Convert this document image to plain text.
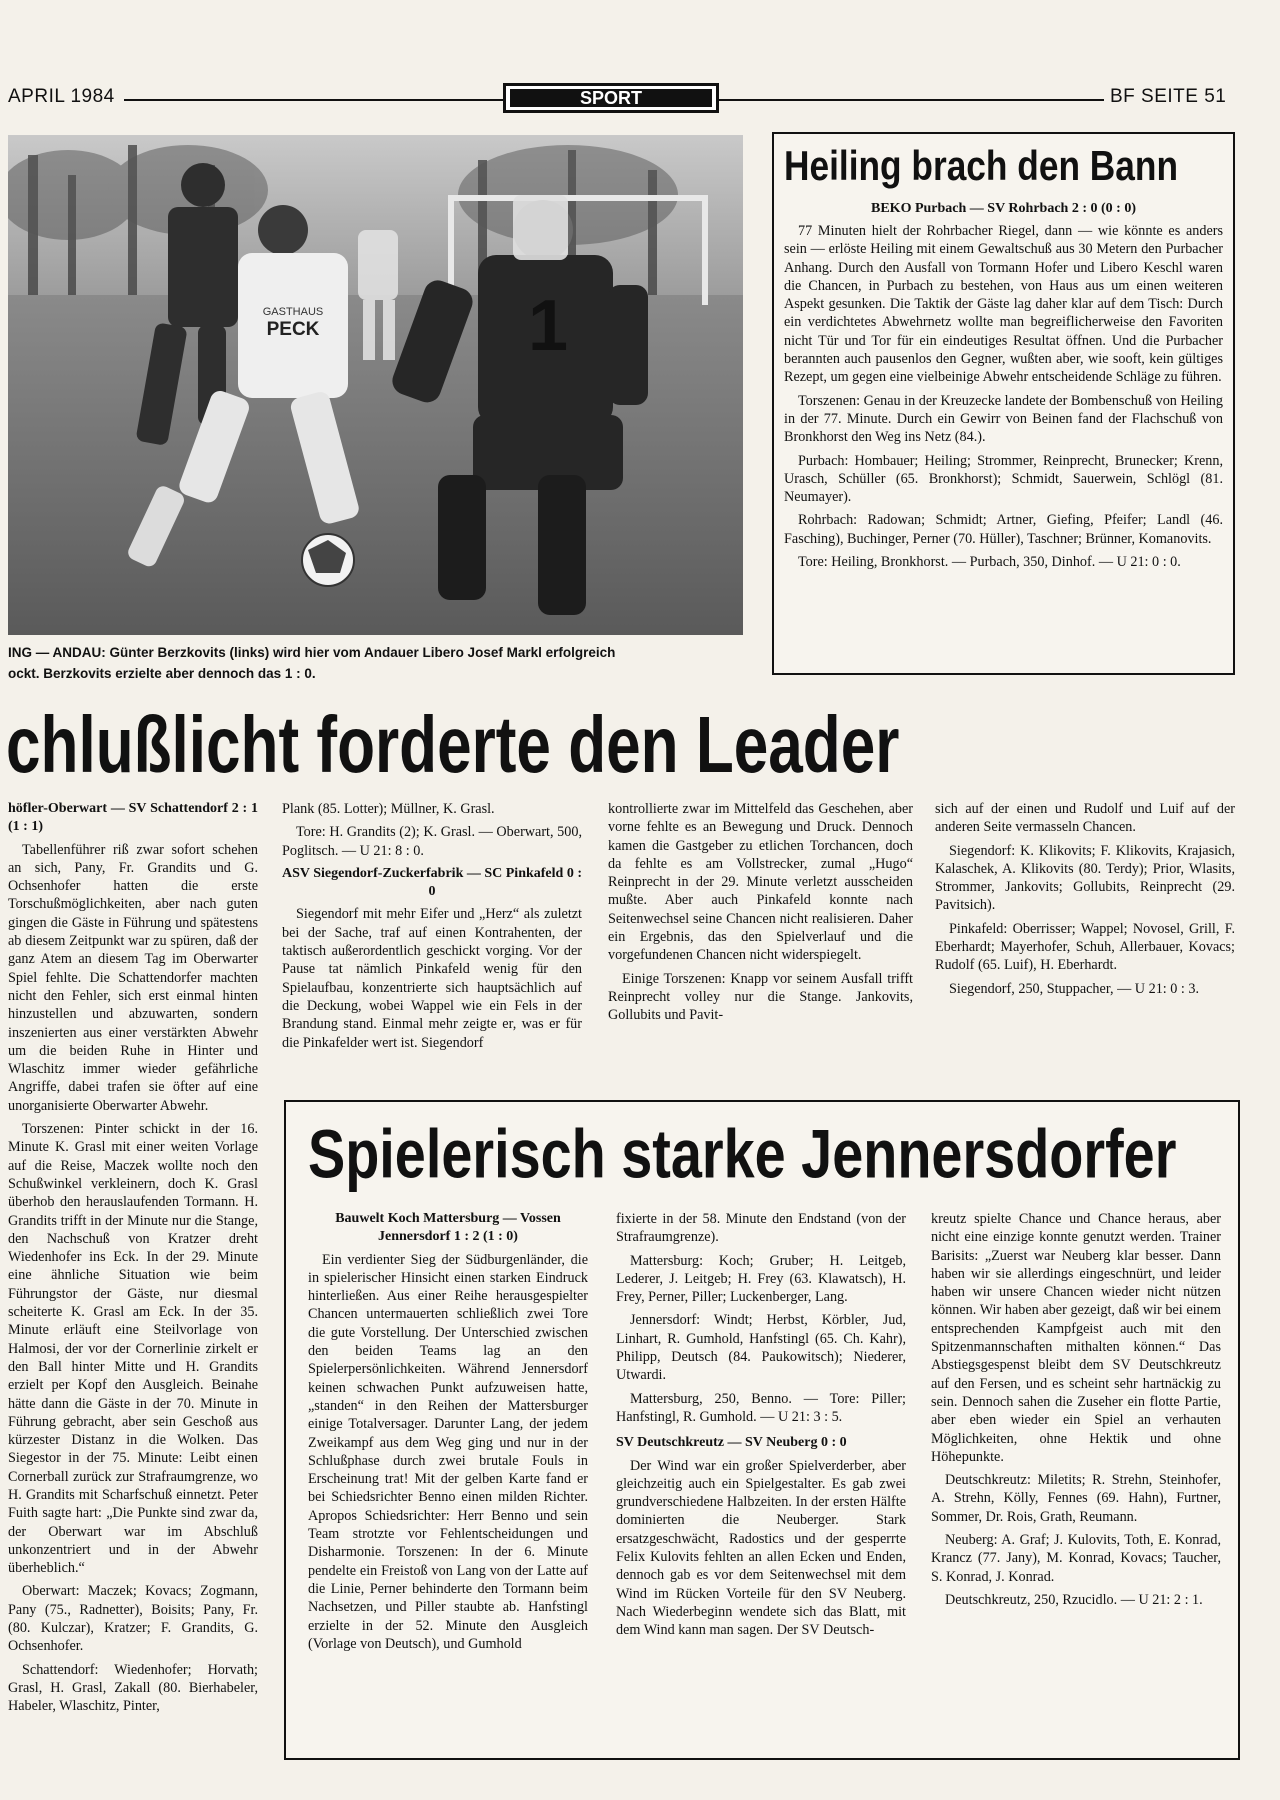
APRIL 1984	SPORT	BF SEITE 51
GASTHAUS
PECK	1
ING — ANDAU: Günter Berzkovits (links) wird hier vom Andauer Libero Josef Markl erfolgreich
ockt. Berzkovits erzielte aber dennoch das 1 : 0.
Heiling brach den Bann
BEKO Purbach — SV Rohrbach 2 : 0 (0 : 0)

77 Minuten hielt der Rohrbacher Riegel, dann — wie könnte es anders sein — erlöste Heiling mit einem Gewaltschuß aus 30 Metern den Purbacher Anhang. Durch den Ausfall von Tormann Hofer und Libero Keschl waren die Chancen, in Purbach zu bestehen, von Haus aus um einen weiteren Aspekt gesunken. Die Taktik der Gäste lag daher klar auf dem Tisch: Durch ein verdichtetes Abwehrnetz wollte man begreiflicherweise den Favoriten nicht Tür und Tor für ein eindeutiges Resultat öffnen. Und die Purbacher berannten auch pausenlos den Gegner, wußten aber, wie sooft, kein gültiges Rezept, um gegen eine vielbeinige Abwehr entscheidende Schläge zu führen.

Torszenen: Genau in der Kreuzecke landete der Bombenschuß von Heiling in der 77. Minute. Durch ein Gewirr von Beinen fand der Flachschuß von Bronkhorst den Weg ins Netz (84.).

Purbach: Hombauer; Heiling; Strommer, Reinprecht, Brunecker; Krenn, Urasch, Schüller (65. Bronkhorst); Schmidt, Sauerwein, Schlögl (81. Neumayer).

Rohrbach: Radowan; Schmidt; Artner, Giefing, Pfeifer; Landl (46. Fasching), Buchinger, Perner (70. Hüller), Taschner; Brünner, Komanovits.

Tore: Heiling, Bronkhorst. — Purbach, 350, Dinhof. — U 21: 0 : 0.

chlußlicht forderte den Leader
höfler-Oberwart — SV Schattendorf 2 : 1 (1 : 1)

Tabellenführer riß zwar sofort schehen an sich, Pany, Fr. Grandits und G. Ochsenhofer hatten die erste Torschußmöglichkeiten, aber nach guten gingen die Gäste in Führung und spätestens ab diesem Zeitpunkt war zu spüren, daß der ganz Atem an diesem Tag im Oberwarter Spiel fehlte. Die Schattendorfer machten nicht den Fehler, sich erst einmal hinten hinzustellen und abzuwarten, sondern inszenierten aus einer verstärkten Abwehr um die beiden Ruhe in Hinter und Wlaschitz immer wieder gefährliche Angriffe, dabei trafen sie öfter auf eine unorganisierte Oberwarter Abwehr.

Torszenen: Pinter schickt in der 16. Minute K. Grasl mit einer weiten Vorlage auf die Reise, Maczek wollte noch den Schußwinkel verkleinern, doch K. Grasl überhob den herauslaufenden Tormann. H. Grandits trifft in der Minute nur die Stange, den Nachschuß von Kratzer dreht Wiedenhofer ins Eck. In der 29. Minute eine ähnliche Situation wie beim Führungstor der Gäste, nur diesmal scheiterte K. Grasl am Eck. In der 35. Minute erläuft eine Steilvorlage von Halmosi, der vor der Cornerlinie zirkelt er den Ball hinter Mitte und H. Grandits erzielt per Kopf den Ausgleich. Beinahe hätte dann die Gäste in der 70. Minute in Führung gebracht, aber sein Geschoß aus kürzester Distanz in die Wolken. Das Siegestor in der 75. Minute: Leibt einen Cornerball zurück zur Strafraumgrenze, wo H. Grandits mit Scharfschuß einnetzt. Peter Fuith sagte hart: „Die Punkte sind zwar da, der Oberwart war im Abschluß unkonzentriert und in der Abwehr überheblich.“

Oberwart: Maczek; Kovacs; Zogmann, Pany (75., Radnetter), Boisits; Pany, Fr. (80. Kulczar), Kratzer; F. Grandits, G. Ochsenhofer.

Schattendorf: Wiedenhofer; Horvath; Grasl, H. Grasl, Zakall (80. Bierhabeler, Habeler, Wlaschitz, Pinter,

Plank (85. Lotter); Müllner, K. Grasl.

Tore: H. Grandits (2); K. Grasl. — Oberwart, 500, Poglitsch. — U 21: 8 : 0.

ASV Siegendorf-Zuckerfabrik — SC Pinkafeld 0 : 0

Siegendorf mit mehr Eifer und „Herz“ als zuletzt bei der Sache, traf auf einen Kontrahenten, der taktisch außerordentlich geschickt vorging. Vor der Pause tat nämlich Pinkafeld wenig für den Spielaufbau, konzentrierte sich hauptsächlich auf die Deckung, wobei Wappel wie ein Fels in der Brandung stand. Einmal mehr zeigte er, was er für die Pinkafelder wert ist. Siegendorf

kontrollierte zwar im Mittelfeld das Geschehen, aber vorne fehlte es an Bewegung und Druck. Dennoch kamen die Gastgeber zu etlichen Torchancen, doch da fehlte es am Vollstrecker, zumal „Hugo“ Reinprecht in der 29. Minute verletzt ausscheiden mußte. Aber auch Pinkafeld konnte nach Seitenwechsel seine Chancen nicht realisieren. Daher ein Ergebnis, das den Spielverlauf und die vorgefundenen Chancen nicht widerspiegelt.

Einige Torszenen: Knapp vor seinem Ausfall trifft Reinprecht volley nur die Stange. Jankovits, Gollubits und Pavit-

sich auf der einen und Rudolf und Luif auf der anderen Seite vermasseln Chancen.

Siegendorf: K. Klikovits; F. Klikovits, Krajasich, Kalaschek, A. Klikovits (80. Terdy); Prior, Wlasits, Strommer, Jankovits; Gollubits, Reinprecht (29. Pavitsich).

Pinkafeld: Oberrisser; Wappel; Novosel, Grill, F. Eberhardt; Mayerhofer, Schuh, Allerbauer, Kovacs; Rudolf (65. Luif), H. Eberhardt.

Siegendorf, 250, Stuppacher, — U 21: 0 : 3.

Spielerisch starke Jennersdorfer
Bauwelt Koch Mattersburg — Vossen Jennersdorf 1 : 2 (1 : 0)

Ein verdienter Sieg der Südburgenländer, die in spielerischer Hinsicht einen starken Eindruck hinterließen. Aus einer Reihe herausgespielter Chancen untermauerten schließlich zwei Tore die gute Vorstellung. Der Unterschied zwischen den beiden Teams lag an den Spielerpersönlichkeiten. Während Jennersdorf keinen schwachen Punkt aufzuweisen hatte, „standen“ in den Reihen der Mattersburger einige Totalversager. Darunter Lang, der jedem Zweikampf aus dem Weg ging und nur in der Schlußphase durch zwei brutale Fouls in Erscheinung trat! Mit der gelben Karte fand er bei Schiedsrichter Benno einen milden Richter. Apropos Schiedsrichter: Herr Benno und sein Team strotzte vor Fehlentscheidungen und Disharmonie. Torszenen: In der 6. Minute pendelte ein Freistoß von Lang von der Latte auf die Linie, Perner behinderte den Tormann beim Nachsetzen, und Piller staubte ab. Hanfstingl erzielte in der 52. Minute den Ausgleich (Vorlage von Deutsch), und Gumhold

fixierte in der 58. Minute den Endstand (von der Strafraumgrenze).

Mattersburg: Koch; Gruber; H. Leitgeb, Lederer, J. Leitgeb; H. Frey (63. Klawatsch), H. Frey, Perner, Piller; Luckenberger, Lang.

Jennersdorf: Windt; Herbst, Körbler, Jud, Linhart, R. Gumhold, Hanfstingl (65. Ch. Kahr), Philipp, Deutsch (84. Paukowitsch); Niederer, Utwardi.

Mattersburg, 250, Benno. — Tore: Piller; Hanfstingl, R. Gumhold. — U 21: 3 : 5.

SV Deutschkreutz — SV Neuberg 0 : 0

Der Wind war ein großer Spielverderber, aber gleichzeitig auch ein Spielgestalter. Es gab zwei grundverschiedene Halbzeiten. In der ersten Hälfte dominierten die Neuberger. Stark ersatzgeschwächt, Radostics und der gesperrte Felix Kulovits fehlten an allen Ecken und Enden, dennoch gab es vor dem Seitenwechsel mit dem Wind im Rücken Vorteile für den SV Neuberg. Nach Wiederbeginn wendete sich das Blatt, mit dem Wind kann man sagen. Der SV Deutsch-

kreutz spielte Chance und Chance heraus, aber nicht eine einzige konnte genutzt werden. Trainer Barisits: „Zuerst war Neuberg klar besser. Dann haben wir sie allerdings eingeschnürt, und leider haben wir unsere Chancen wieder nicht nützen können. Wir haben aber gezeigt, daß wir bei einem entsprechenden Kampfgeist auch mit den Spitzenmannschaften mithalten können.“ Das Abstiegsgespenst bleibt dem SV Deutschkreutz auf den Fersen, und es scheint sehr hartnäckig zu sein. Dennoch sahen die Zuseher ein flotte Partie, aber eben wieder ein Spiel an verhauten Möglichkeiten, ohne Hektik und ohne Höhepunkte.

Deutschkreutz: Miletits; R. Strehn, Steinhofer, A. Strehn, Kölly, Fennes (69. Hahn), Furtner, Sommer, Dr. Rois, Grath, Reumann.

Neuberg: A. Graf; J. Kulovits, Toth, E. Konrad, Krancz (77. Jany), M. Konrad, Kovacs; Taucher, S. Konrad, J. Konrad.

Deutschkreutz, 250, Rzucidlo. — U 21: 2 : 1.
